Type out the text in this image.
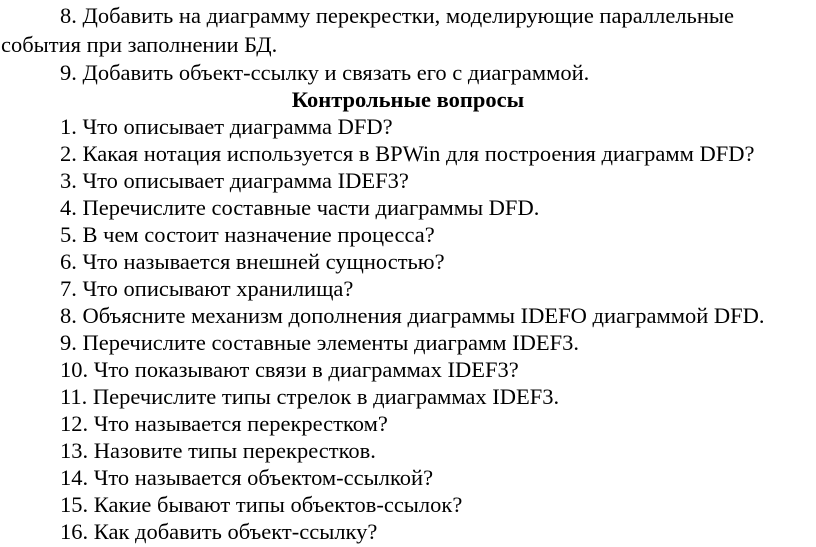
8. Добавить на диаграмму перекрестки, моделирующие параллельные
события при заполнении БД.
9. Добавить объект-ссылку и связать его с диаграммой.
Контрольные вопросы
1. Что описывает диаграмма DFD?
2. Какая нотация используется в BPWin для построения диаграмм DFD?
3. Что описывает диаграмма IDEF3?
4. Перечислите составные части диаграммы DFD.
5. В чем состоит назначение процесса?
6. Что называется внешней сущностью?
7. Что описывают хранилища?
8. Объясните механизм дополнения диаграммы IDEFO диаграммой DFD.
9. Перечислите составные элементы диаграмм IDEF3.
10. Что показывают связи в диаграммах IDEF3?
11. Перечислите типы стрелок в диаграммах IDEF3.
12. Что называется перекрестком?
13. Назовите типы перекрестков.
14. Что называется объектом-ссылкой?
15. Какие бывают типы объектов-ссылок?
16. Как добавить объект-ссылку?
